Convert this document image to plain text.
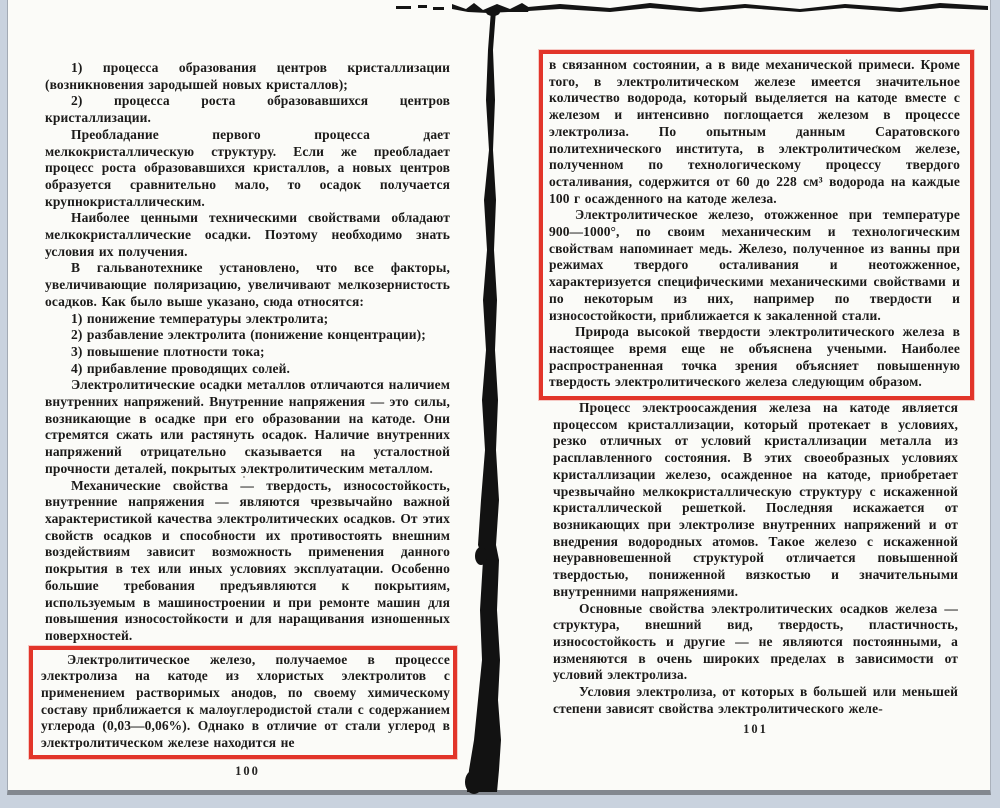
1) процесса образования центров кристаллизации (возникновения зародышей новых кристаллов);

2) процесса роста образовавшихся центров кристаллизации.

Преобладание первого процесса дает мелкокристаллическую структуру. Если же преобладает процесс роста образовавшихся кристаллов, а новых центров образуется сравнительно мало, то осадок получается крупнокристаллическим.

Наиболее ценными техническими свойствами обладают мелкокристаллические осадки. Поэтому необходимо знать условия их получения.

В гальванотехнике установлено, что все факторы, увеличивающие поляризацию, увеличивают мелкозернистость осадков. Как было выше указано, сюда относятся:

1) понижение температуры электролита;

2) разбавление электролита (понижение концентрации);

3) повышение плотности тока;

4) прибавление проводящих солей.

Электролитические осадки металлов отличаются наличием внутренних напряжений. Внутренние напряжения — это силы, возникающие в осадке при его образовании на катоде. Они стремятся сжать или растянуть осадок. Наличие внутренних напряжений отрицательно сказывается на усталостной прочности деталей, покрытых электролитическим металлом.

Механические свойства — твердость, износостойкость, внутренние напряжения — являются чрезвычайно важной характеристикой качества электролитических осадков. От этих свойств осадков и способности их противостоять внешним воздействиям зависит возможность применения данного покрытия в тех или иных условиях эксплуатации. Особенно большие требования предъявляются к покрытиям, используемым в машиностроении и при ремонте машин для повышения износостойкости и для наращивания изношенных поверхностей.

Электролитическое железо, получаемое в процессе электролиза на катоде из хлористых электролитов с применением растворимых анодов, по своему химическому составу приближается к малоуглеродистой стали с содержанием углерода (0,03—0,06%). Однако в отличие от стали углерод в электролитическом железе находится не

100

в связанном состоянии, а в виде механической примеси. Кроме того, в электролитическом железе имеется значительное количество водорода, который выделяется на катоде вместе с железом и интенсивно поглощается железом в процессе электролиза. По опытным данным Саратовского политехнического института, в электролитическом железе, полученном по технологическому процессу твердого осталивания, содержится от 60 до 228 см³ водорода на каждые 100 г осажденного на катоде железа.

Электролитическое железо, отожженное при температуре 900—1000°, по своим механическим и технологическим свойствам напоминает медь. Железо, полученное из ванны при режимах твердого осталивания и неотожженное, характеризуется специфическими механическими свойствами и по некоторым из них, например по твердости и износостойкости, приближается к закаленной стали.

Природа высокой твердости электролитического железа в настоящее время еще не объяснена учеными. Наиболее распространенная точка зрения объясняет повышенную твердость электролитического железа следующим образом.

Процесс электроосаждения железа на катоде является процессом кристаллизации, который протекает в условиях, резко отличных от условий кристаллизации металла из расплавленного состояния. В этих своеобразных условиях кристаллизации железо, осажденное на катоде, приобретает чрезвычайно мелкокристаллическую структуру с искаженной кристаллической решеткой. Последняя искажается от возникающих при электролизе внутренних напряжений и от внедрения водородных атомов. Такое железо с искаженной неуравновешенной структурой отличается повышенной твердостью, пониженной вязкостью и значительными внутренними напряжениями.

Основные свойства электролитических осадков железа — структура, внешний вид, твердость, пластичность, износостойкость и другие — не являются постоянными, а изменяются в очень широких пределах в зависимости от условий электролиза.

Условия электролиза, от которых в большей или меньшей степени зависят свойства электролитического желе-

101
